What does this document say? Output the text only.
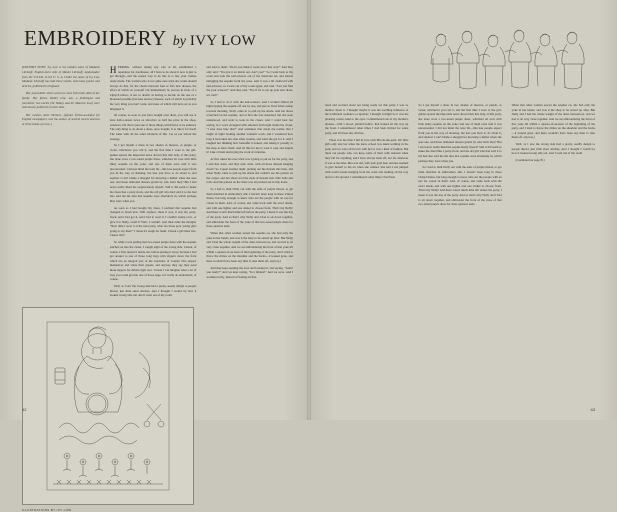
EMBROIDERY by IVY LOW

[EDITOR'S NOTE: Ivy Low is the maiden name of Madame Litvinoff, English-born wife of Maxim Litvinoff, Ambassador from the U.S.S.R. to the U. S. A. Under the name of Ivy Low, Madame Litvinoff has had three novels, and many poems and articles, published in England.

Her journalistic strain seems to come from both sides of her family. Her father, Walter Low, was a philologist and journalist; two uncles (Sir Sidney and Sir Maurice Low) were well-known publicists in their time.

Her mother, Alice Herbert, Quintus fiction-assistant for English newspapers, was the author of several novels and two or three books of verse.]

HERRING, without taking any care at all, established a reputation for doodlesses, all I have to do about it now is just to get through—and the easiest way to do this is to buy your clothes ready-made. The woman who is not quite sure what she wants should always do this, for the choice between four or five new dresses, the effort of which an yourself can immediately be proven in front of a triptych mirror, is not so drastic as having to decide on the one of a thousand possible (because narrow) dresses, each of which is probably the very thing you don't want, and none of which will turn out as you imagined it.

Of course, as soon as you have bought your dress, you will see at least half-a-dozen twice as attractive as half the price in the shop-windows, but that is just one of those things which have to be endured. The only thing to do about a dress, once bought, is to like it for itself. The same with all the other relations of life. Let us not labour the analogy.

So I got myself a dress in two shades of meaves, or purple, or violet, whichever you call it, and the first time I wore it, the girl-guides spread the important news abroad that this lady, at this party, she done wore a two-toned purple dress, whitched all over with little shiny sequins on the yoke; and one of them even said it was unconcealed. I did not mind the least bit—this less people expect from you in the way of dressing, the less you have to do about it, and anyhow I can't blame a shopgirl for knowing a métier when she sees one, and those demoded dresses gotten by odd, han't they? But I had never really liked the sequin-handy myself. Still it did seem to make the dress like a party-frock, and the old girl who had sold it to me had also sold me the idea that sequins were absolutely in, which perhaps they were when you.

As soon as I had bought my dress, I realized that sequins had changed to brash new. Well anyhow, there it was, it was my party-frock, and I had got it, and I had to wear it. I couldn't stomp on it, or give it to Nelly, could I? Well, I couldn't. And then came the thought: "Next time I wear it at the next party, what are those poor young girls going to say then?" I mean it's tough for them. I mean a girl must live, I know that!

So while I was putting that two-toned purple dress with the sequins stitched on into the closet, I caught sight of the wrong side. I mean, of course, I first turned it inside out, before putting it away, because I had got around to one of those long bags with zippers down the front which are an integral part of the wardrobe of women who respect themselves and value their greens, and anyway they say they need those zippers for deluxe right now. I mean I can imagine what a lot of Jaqs you could get into one of those bags, as I really do understand, of course.

Well, as I saw the wrong side had a pretty, seedly design to people thread, just little short stitches. And I thought I would try how it looked wrong side out. And I went out of my room

and said to them: "Don't you think it looks nicer this way?" And they only said: "You got it on inside out, don't you?" So I went back to my room and took the nail-scissors out of my manicure set, and started unrigging the sequins from the yoke. And it was a bit awkward with nail-scissors, so I went out of my room again, and said, "Can you find me your scissors?" And they said, "Not if it's to cut up your new dress, we can't!"

So I had to do it with the nail-scissors. And I worked almost all night ripping the sequins off one by one, and just as I had fallen asleep towards morning, Nelly came in to pull up the shade. And her shoes screeched on the sequins, and at first she was surprised, but she soon understood, and went to look in the closet. And I could hear her saying, in a voice strangled with emotion from right inside the closet, "I sure does hate that!" And somehow that made me realize that I might of night looking another woman's work, and I wondered how long it had taken her, that other woman, and what she got for it. And I laughed her thinking how beautiful it looked, and taking it proudly to the shop to show them. And all this for me to wear it over and unpick it! Like a brush destroying the work of centuries.

At first asked me now what was I going to put on for the party, and I said that dress, and they said, what, with all those threads hanging down? So I spent another night, picking out the threads this time, and when Nelly came to pull up the shade she couldn't see the pattern on the carpet, and her shoes trod the ends of threads into little balls and rolls. And the pattern on the dress was all pricked out in tiny holes.

So I had to mail Nelly out with the ends of purple thread, to get them matched in embroidery silk. I haven't been long in these United States, but long enough to know who are the people with an eye for colour in them. And, of course, she came back with the exact shade, and with one lighter and one darker to choose from. That's my Nelly! And there wasn't much time left before the party, I mean it was the day of the party. And so that's why Nelly and I had to sit down together, and embroider the front of the yoke of that two-toned purple dress for three quarters ends.

When that other woman sewed the sequins on, she had only the yoke in her hands, and was it the shop to be sewed up after. But Nelly and I had the whole weight of the dress between us, and we had to sit very close together. And we sat embroidering the front of that yoke till within a quarter-of-an-hour of the beginning of the party, and I tried to throw the dirties on the shoulder and the backs—it looked gone, and there wouldn't have been any time to take them off, anyway.)

And they kept opening the door and looking in, and saying, "Aren't you ready?" And we kept saying, "In a minute!" And we were. And I wondered why, instead of feeling all flus-

ILLUSTRATIONS BY IVY LOW
42

tered and worried about not being ready for this party, I was so mellow about it. I thought maybe it was the soothing influence of the traditional woman's occupation; I thought it might be it was the pleasing colour, kind to the eyes. I remembered one of my mother's dresses—with a broad, printed bodice, that looked all the way up the front. I remembered other times I had been invited for some party, and all those tiny stitches.

There was the time I fell in love with Mia-in-the-park. We little girls only saw her when the leave school was taken walking in the park, and we were all in love with her; it was a kind of fashion. But there are people who can keep some of their cells isolated when they fall for anything, and I have always been off, not for whatever it was at the time. Mia was tall, with pale gold hair, and she seemed to give herself to the air when she walked. She had a red jumped with scarlet beads hanging from the waist and looking all the way down to the ground. I remembered other times I had been

So I got myself a dress in two shades of meaves, or purple, or violet, whichever you call it, and the first time I wore it, the girl-guides spread the important news abroad that this lady, at this party, she done wore a two-toned purple dress, whitched all over with little shiny sequins on the yoke; and one of them even said it was unconcealed. I did not mind the least bit—this less people expect from you in the way of dressing, the less you have to do about it, and anyhow I can't blame a shopgirl for knowing a métier when she sees one, and those demoded dresses gotten by odd, han't they? But I had never really liked the sequin-handy myself. Still it did seem to make the dress like a party-frock, and the old girl who had sold it to me had also sold me the idea that sequins were absolutely in, which perhaps they were when you.

So I had to mail Nelly out with the ends of purple thread, to get them matched in embroidery silk. I haven't been long in these United States, but long enough to know who are the people with an eye for colour in them. And, of course, she came back with the exact shade, and with one lighter and one darker to choose from. That's my Nelly! And there wasn't much time left before the party, I mean it was the day of the party. And so that's why Nelly and I had to sit down together, and embroider the front of the yoke of that two-toned purple dress for three quarters ends.

When that other woman sewed the sequins on, she had only the yoke in her hands, and was it the shop to be sewed up after. But Nelly and I had the whole weight of the dress between us, and we had to sit very close together. And we sat embroidering the front of that yoke till within a quarter-of-an-hour of the beginning of the party, and I tried to throw the dirties on the shoulder and the backs—it looked gone, and there wouldn't have been any time to take them off, anyway.)

Well, as I saw the wrong side had a pretty, seedly design to people thread, just little short stitches. And I thought I would try how it looked wrong side out. And I went out of my room

(Continued on page 81)

43
